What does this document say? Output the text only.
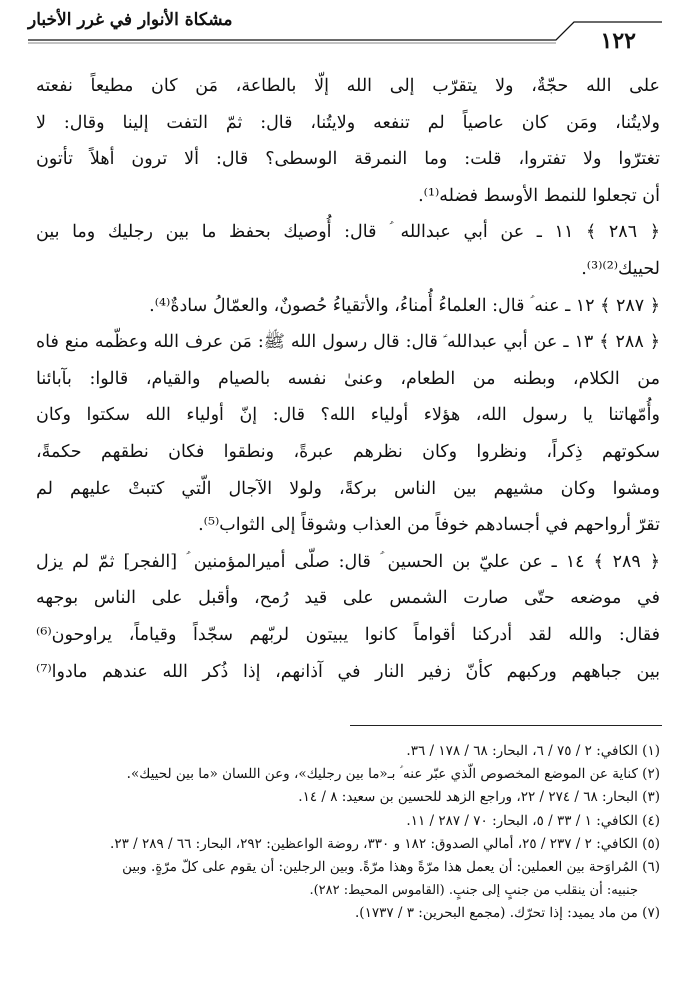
مشكاة الأنوار في غرر الأخبار
١٢٢

على الله حجّةٌ، ولا يتقرّب إلى الله إلّا بالطاعة، مَن كان مطيعاً نفعته

ولايتُنا، ومَن كان عاصياً لم تنفعه ولايتُنا، قال: ثمّ التفت إلينا وقال: لا

تغترّوا ولا تفتروا، قلت: وما النمرقة الوسطى؟ قال: ألا ترون أهلاً تأتون

أن تجعلوا للنمط الأوسط فضله⁽¹⁾.

﴿ ٢٨٦ ﴾ ١١ ـ عن أبي عبدالله ؑ قال: أُوصيك بحفظ ما بين رجليك وما بين

لحييك⁽²⁾⁽³⁾.

﴿ ٢٨٧ ﴾ ١٢ ـ عنه ؑ قال: العلماءُ أُمناءُ، والأتقياءُ حُصونٌ، والعمّالُ سادةٌ⁽⁴⁾.

﴿ ٢٨٨ ﴾ ١٣ ـ عن أبي عبدالله ؑ قال: قال رسول الله ﷺ: مَن عرف الله وعظّمه منع فاه

من الكلام، وبطنه من الطعام، وعنىٰ نفسه بالصيام والقيام، قالوا: بآبائنا

وأُمّهاتنا يا رسول الله، هؤلاء أولياء الله؟ قال: إنّ أولياء الله سكتوا وكان

سكوتهم ذِكراً، ونظروا وكان نظرهم عبرةً، ونطقوا فكان نطقهم حكمةً،

ومشوا وكان مشيهم بين الناس بركةً، ولولا الآجال الّتي كتبتْ عليهم لم

تقرّ أرواحهم في أجسادهم خوفاً من العذاب وشوقاً إلى الثواب⁽⁵⁾.

﴿ ٢٨٩ ﴾ ١٤ ـ عن عليّ بن الحسين ؑ قال: صلّى أميرالمؤمنين ؑ [الفجر] ثمّ لم يزل

في موضعه حتّى صارت الشمس على قيد رُمح، وأقبل على الناس بوجهه

فقال: والله لقد أدركنا أقواماً كانوا يبيتون لربّهم سجّداً وقياماً، يراوحون⁽⁶⁾

بين جباههم وركبهم كأنّ زفير النار في آذانهم، إذا ذُكر الله عندهم مادوا⁽⁷⁾

(١) الكافي: ٢ / ٧٥ / ٦، البحار: ٦٨ / ١٧٨ / ٣٦.
(٢) كناية عن الموضع المخصوص الّذي عبّر عنه ؑ بـ«ما بين رجليك»، وعن اللسان «ما بين لحييك».
(٣) البحار: ٦٨ / ٢٧٤ / ٢٢، وراجع الزهد للحسين بن سعيد: ٨ / ١٤.
(٤) الكافي: ١ / ٣٣ / ٥، البحار: ٧٠ / ٢٨٧ / ١١.
(٥) الكافي: ٢ / ٢٣٧ / ٢٥، أمالي الصدوق: ١٨٢ و ٣٣٠، روضة الواعظين: ٢٩٢، البحار: ٦٦ / ٢٨٩ / ٢٣.
(٦) المُراوَحة بين العملين: أن يعمل هذا مرّةً وهذا مرّةً. وبين الرجلين: أن يقوم على كلّ مرّةٍ. وبين
جنبيه: أن ينقلب من جنبٍ إلى جنبٍ. (القاموس المحيط: ٢٨٢).
(٧) من ماد يميد: إذا تحرّك. (مجمع البحرين: ٣ / ١٧٣٧).
